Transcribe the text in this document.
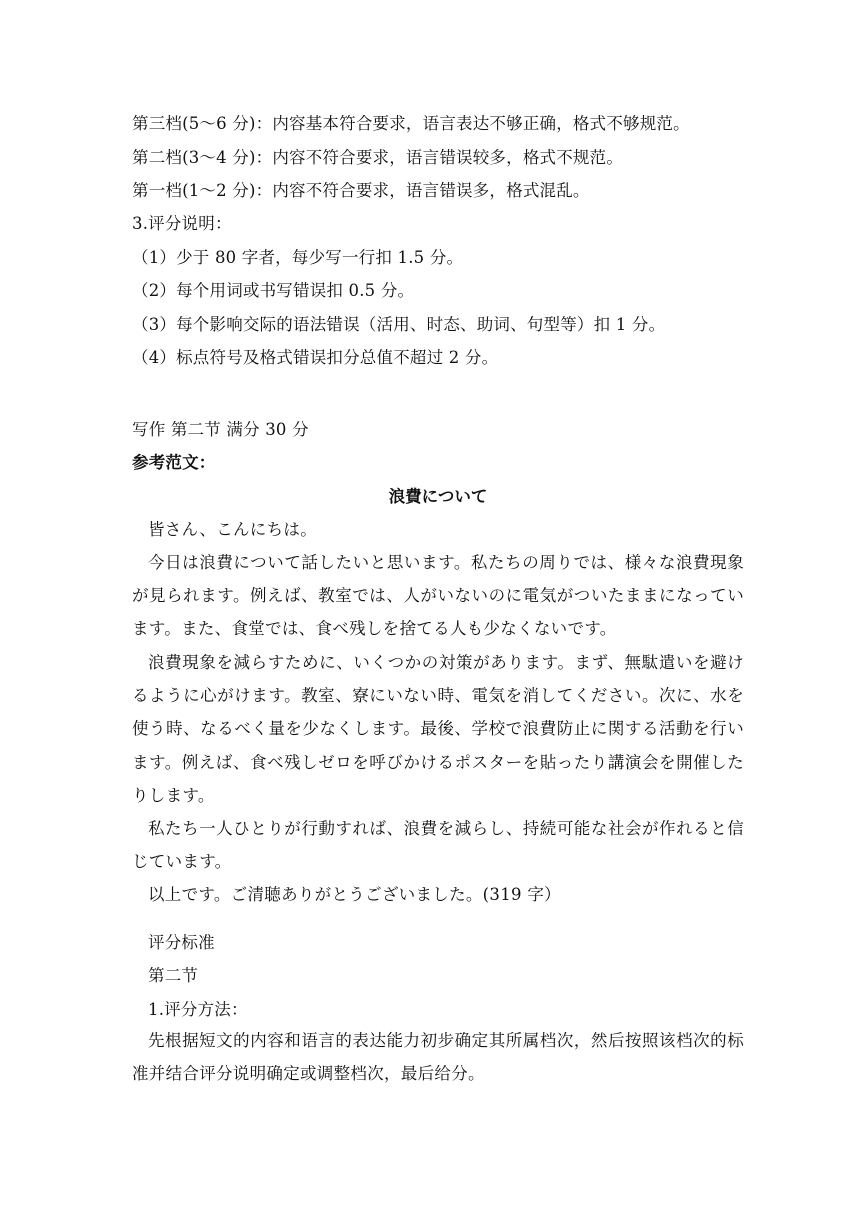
第三档(5～6 分)：内容基本符合要求，语言表达不够正确，格式不够规范。
第二档(3～4 分)：内容不符合要求，语言错误较多，格式不规范。
第一档(1～2 分)：内容不符合要求，语言错误多，格式混乱。
3.评分说明：
（1）少于 80 字者，每少写一行扣 1.5 分。
（2）每个用词或书写错误扣 0.5 分。
（3）每个影响交际的语法错误（活用、时态、助词、句型等）扣 1 分。
（4）标点符号及格式错误扣分总值不超过 2 分。
写作 第二节 满分 30 分
参考范文：
浪費について
皆さん、こんにちは。
今日は浪費について話したいと思います。私たちの周りでは、様々な浪費現象が見られます。例えば、教室では、人がいないのに電気がついたままになっています。また、食堂では、食べ残しを捨てる人も少なくないです。
浪費現象を減らすために、いくつかの対策があります。まず、無駄遣いを避けるように心がけます。教室、寮にいない時、電気を消してください。次に、水を使う時、なるべく量を少なくします。最後、学校で浪費防止に関する活動を行います。例えば、食べ残しゼロを呼びかけるポスターを貼ったり講演会を開催したりします。
私たち一人ひとりが行動すれば、浪費を減らし、持続可能な社会が作れると信じています。
以上です。ご清聴ありがとうございました。(319 字）
评分标准
第二节
1.评分方法：
先根据短文的内容和语言的表达能力初步确定其所属档次，然后按照该档次的标准并结合评分说明确定或调整档次，最后给分。
